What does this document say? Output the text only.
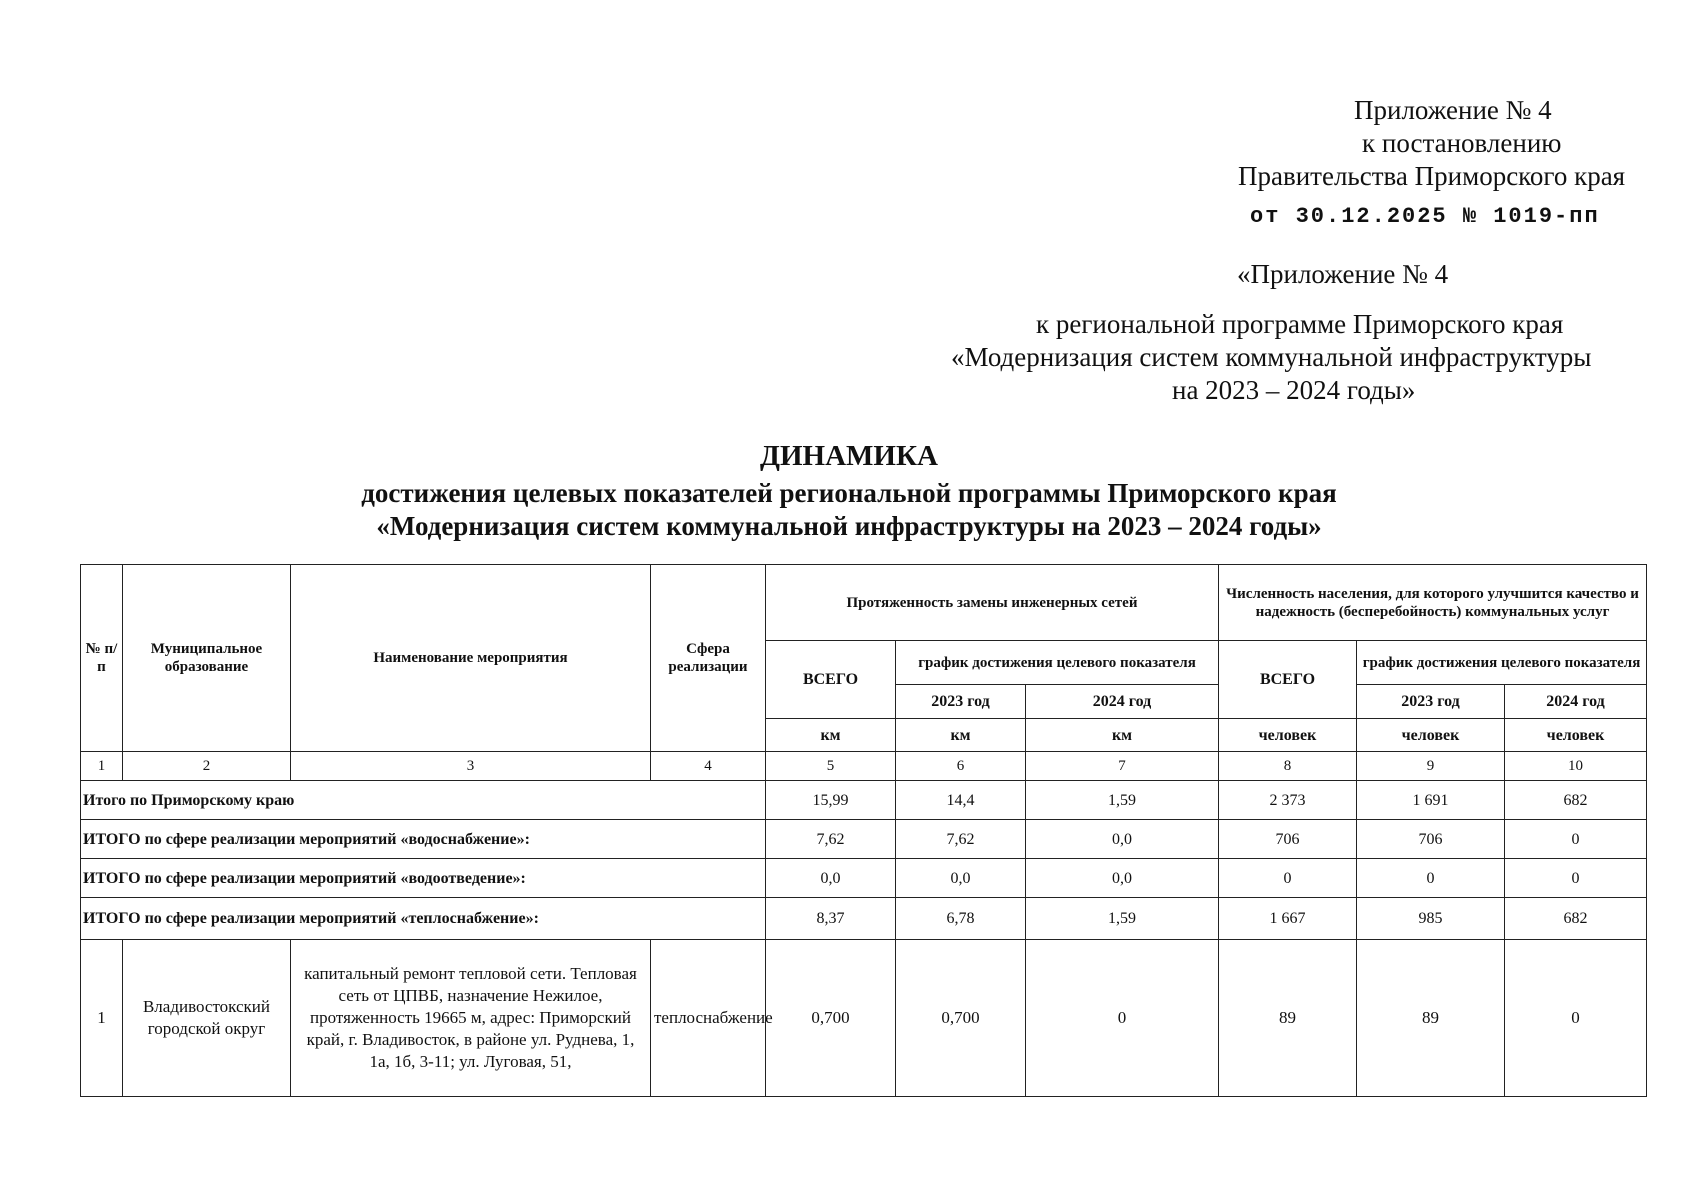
Приложение № 4
к постановлению
Правительства Приморского края
от 30.12.2025 № 1019-пп
«Приложение № 4
к региональной программе Приморского края
«Модернизация систем коммунальной инфраструктуры
на 2023 – 2024 годы»
ДИНАМИКА
достижения целевых показателей региональной программы Приморского края
«Модернизация систем коммунальной инфраструктуры на 2023 – 2024 годы»
№ п/п	Муниципальное образование	Наименование мероприятия	Сфера реализации	Протяженность замены инженерных сетей			Численность населения, для которого улучшится качество и надежность (бесперебойность) коммунальных услуг		
				ВСЕГО	график достижения целевого показателя		ВСЕГО	график достижения целевого показателя	
					2023 год	2024 год		2023 год	2024 год
				км	км	км	человек	человек	человек
1	2	3	4	5	6	7	8	9	10
Итого по Приморскому краю				15,99	14,4	1,59	2 373	1 691	682
ИТОГО по сфере реализации мероприятий «водоснабжение»:				7,62	7,62	0,0	706	706	0
ИТОГО по сфере реализации мероприятий «водоотведение»:				0,0	0,0	0,0	0	0	0
ИТОГО по сфере реализации мероприятий «теплоснабжение»:				8,37	6,78	1,59	1 667	985	682
1	Владивостокский городской округ	капитальный ремонт тепловой сети. Тепловая сеть от ЦПВБ, назначение Нежилое, протяженность 19665 м, адрес: Приморский край, г. Владивосток, в районе ул. Руднева, 1, 1а, 1б, 3-11; ул. Луговая, 51,	теплоснабжение	0,700	0,700	0	89	89	0
